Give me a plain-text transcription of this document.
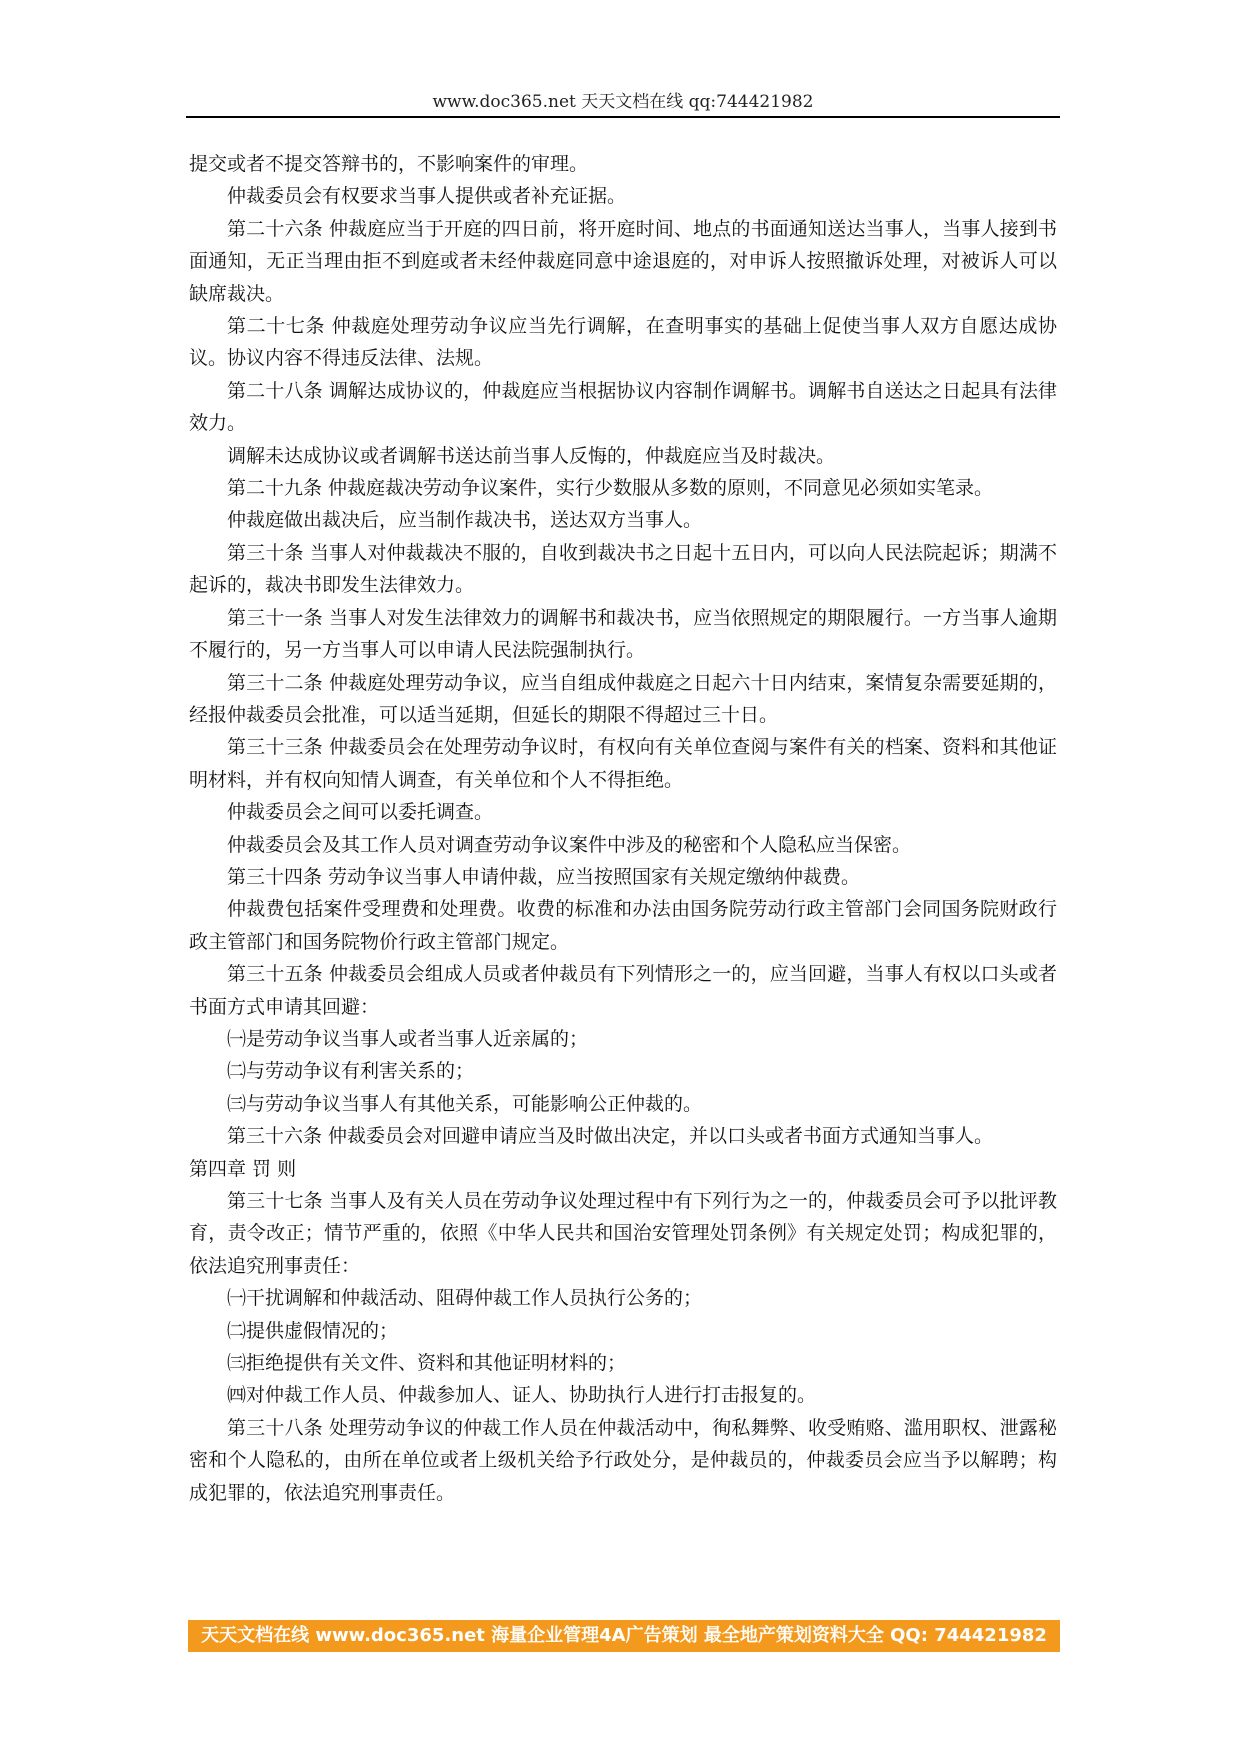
www.doc365.net 天天文档在线 qq:744421982

提交或者不提交答辩书的，不影响案件的审理。

仲裁委员会有权要求当事人提供或者补充证据。

第二十六条 仲裁庭应当于开庭的四日前，将开庭时间、地点的书面通知送达当事人，当事人接到书面通知，无正当理由拒不到庭或者未经仲裁庭同意中途退庭的，对申诉人按照撤诉处理，对被诉人可以缺席裁决。

第二十七条 仲裁庭处理劳动争议应当先行调解，在查明事实的基础上促使当事人双方自愿达成协议。协议内容不得违反法律、法规。

第二十八条 调解达成协议的，仲裁庭应当根据协议内容制作调解书。调解书自送达之日起具有法律效力。

调解未达成协议或者调解书送达前当事人反悔的，仲裁庭应当及时裁决。

第二十九条 仲裁庭裁决劳动争议案件，实行少数服从多数的原则，不同意见必须如实笔录。

仲裁庭做出裁决后，应当制作裁决书，送达双方当事人。

第三十条 当事人对仲裁裁决不服的，自收到裁决书之日起十五日内，可以向人民法院起诉；期满不起诉的，裁决书即发生法律效力。

第三十一条 当事人对发生法律效力的调解书和裁决书，应当依照规定的期限履行。一方当事人逾期不履行的，另一方当事人可以申请人民法院强制执行。

第三十二条 仲裁庭处理劳动争议，应当自组成仲裁庭之日起六十日内结束，案情复杂需要延期的，经报仲裁委员会批准，可以适当延期，但延长的期限不得超过三十日。

第三十三条 仲裁委员会在处理劳动争议时，有权向有关单位查阅与案件有关的档案、资料和其他证明材料，并有权向知情人调查，有关单位和个人不得拒绝。

仲裁委员会之间可以委托调查。

仲裁委员会及其工作人员对调查劳动争议案件中涉及的秘密和个人隐私应当保密。

第三十四条 劳动争议当事人申请仲裁，应当按照国家有关规定缴纳仲裁费。

仲裁费包括案件受理费和处理费。收费的标准和办法由国务院劳动行政主管部门会同国务院财政行政主管部门和国务院物价行政主管部门规定。

第三十五条 仲裁委员会组成人员或者仲裁员有下列情形之一的，应当回避，当事人有权以口头或者书面方式申请其回避：

㈠是劳动争议当事人或者当事人近亲属的；

㈡与劳动争议有利害关系的；

㈢与劳动争议当事人有其他关系，可能影响公正仲裁的。

第三十六条 仲裁委员会对回避申请应当及时做出决定，并以口头或者书面方式通知当事人。

第四章 罚 则

第三十七条 当事人及有关人员在劳动争议处理过程中有下列行为之一的，仲裁委员会可予以批评教育，责令改正；情节严重的，依照《中华人民共和国治安管理处罚条例》有关规定处罚；构成犯罪的，依法追究刑事责任：

㈠干扰调解和仲裁活动、阻碍仲裁工作人员执行公务的；

㈡提供虚假情况的；

㈢拒绝提供有关文件、资料和其他证明材料的；

㈣对仲裁工作人员、仲裁参加人、证人、协助执行人进行打击报复的。

第三十八条 处理劳动争议的仲裁工作人员在仲裁活动中，徇私舞弊、收受贿赂、滥用职权、泄露秘密和个人隐私的，由所在单位或者上级机关给予行政处分，是仲裁员的，仲裁委员会应当予以解聘；构成犯罪的，依法追究刑事责任。

天天文档在线 www.doc365.net 海量企业管理4A广告策划 最全地产策划资料大全 QQ: 744421982
